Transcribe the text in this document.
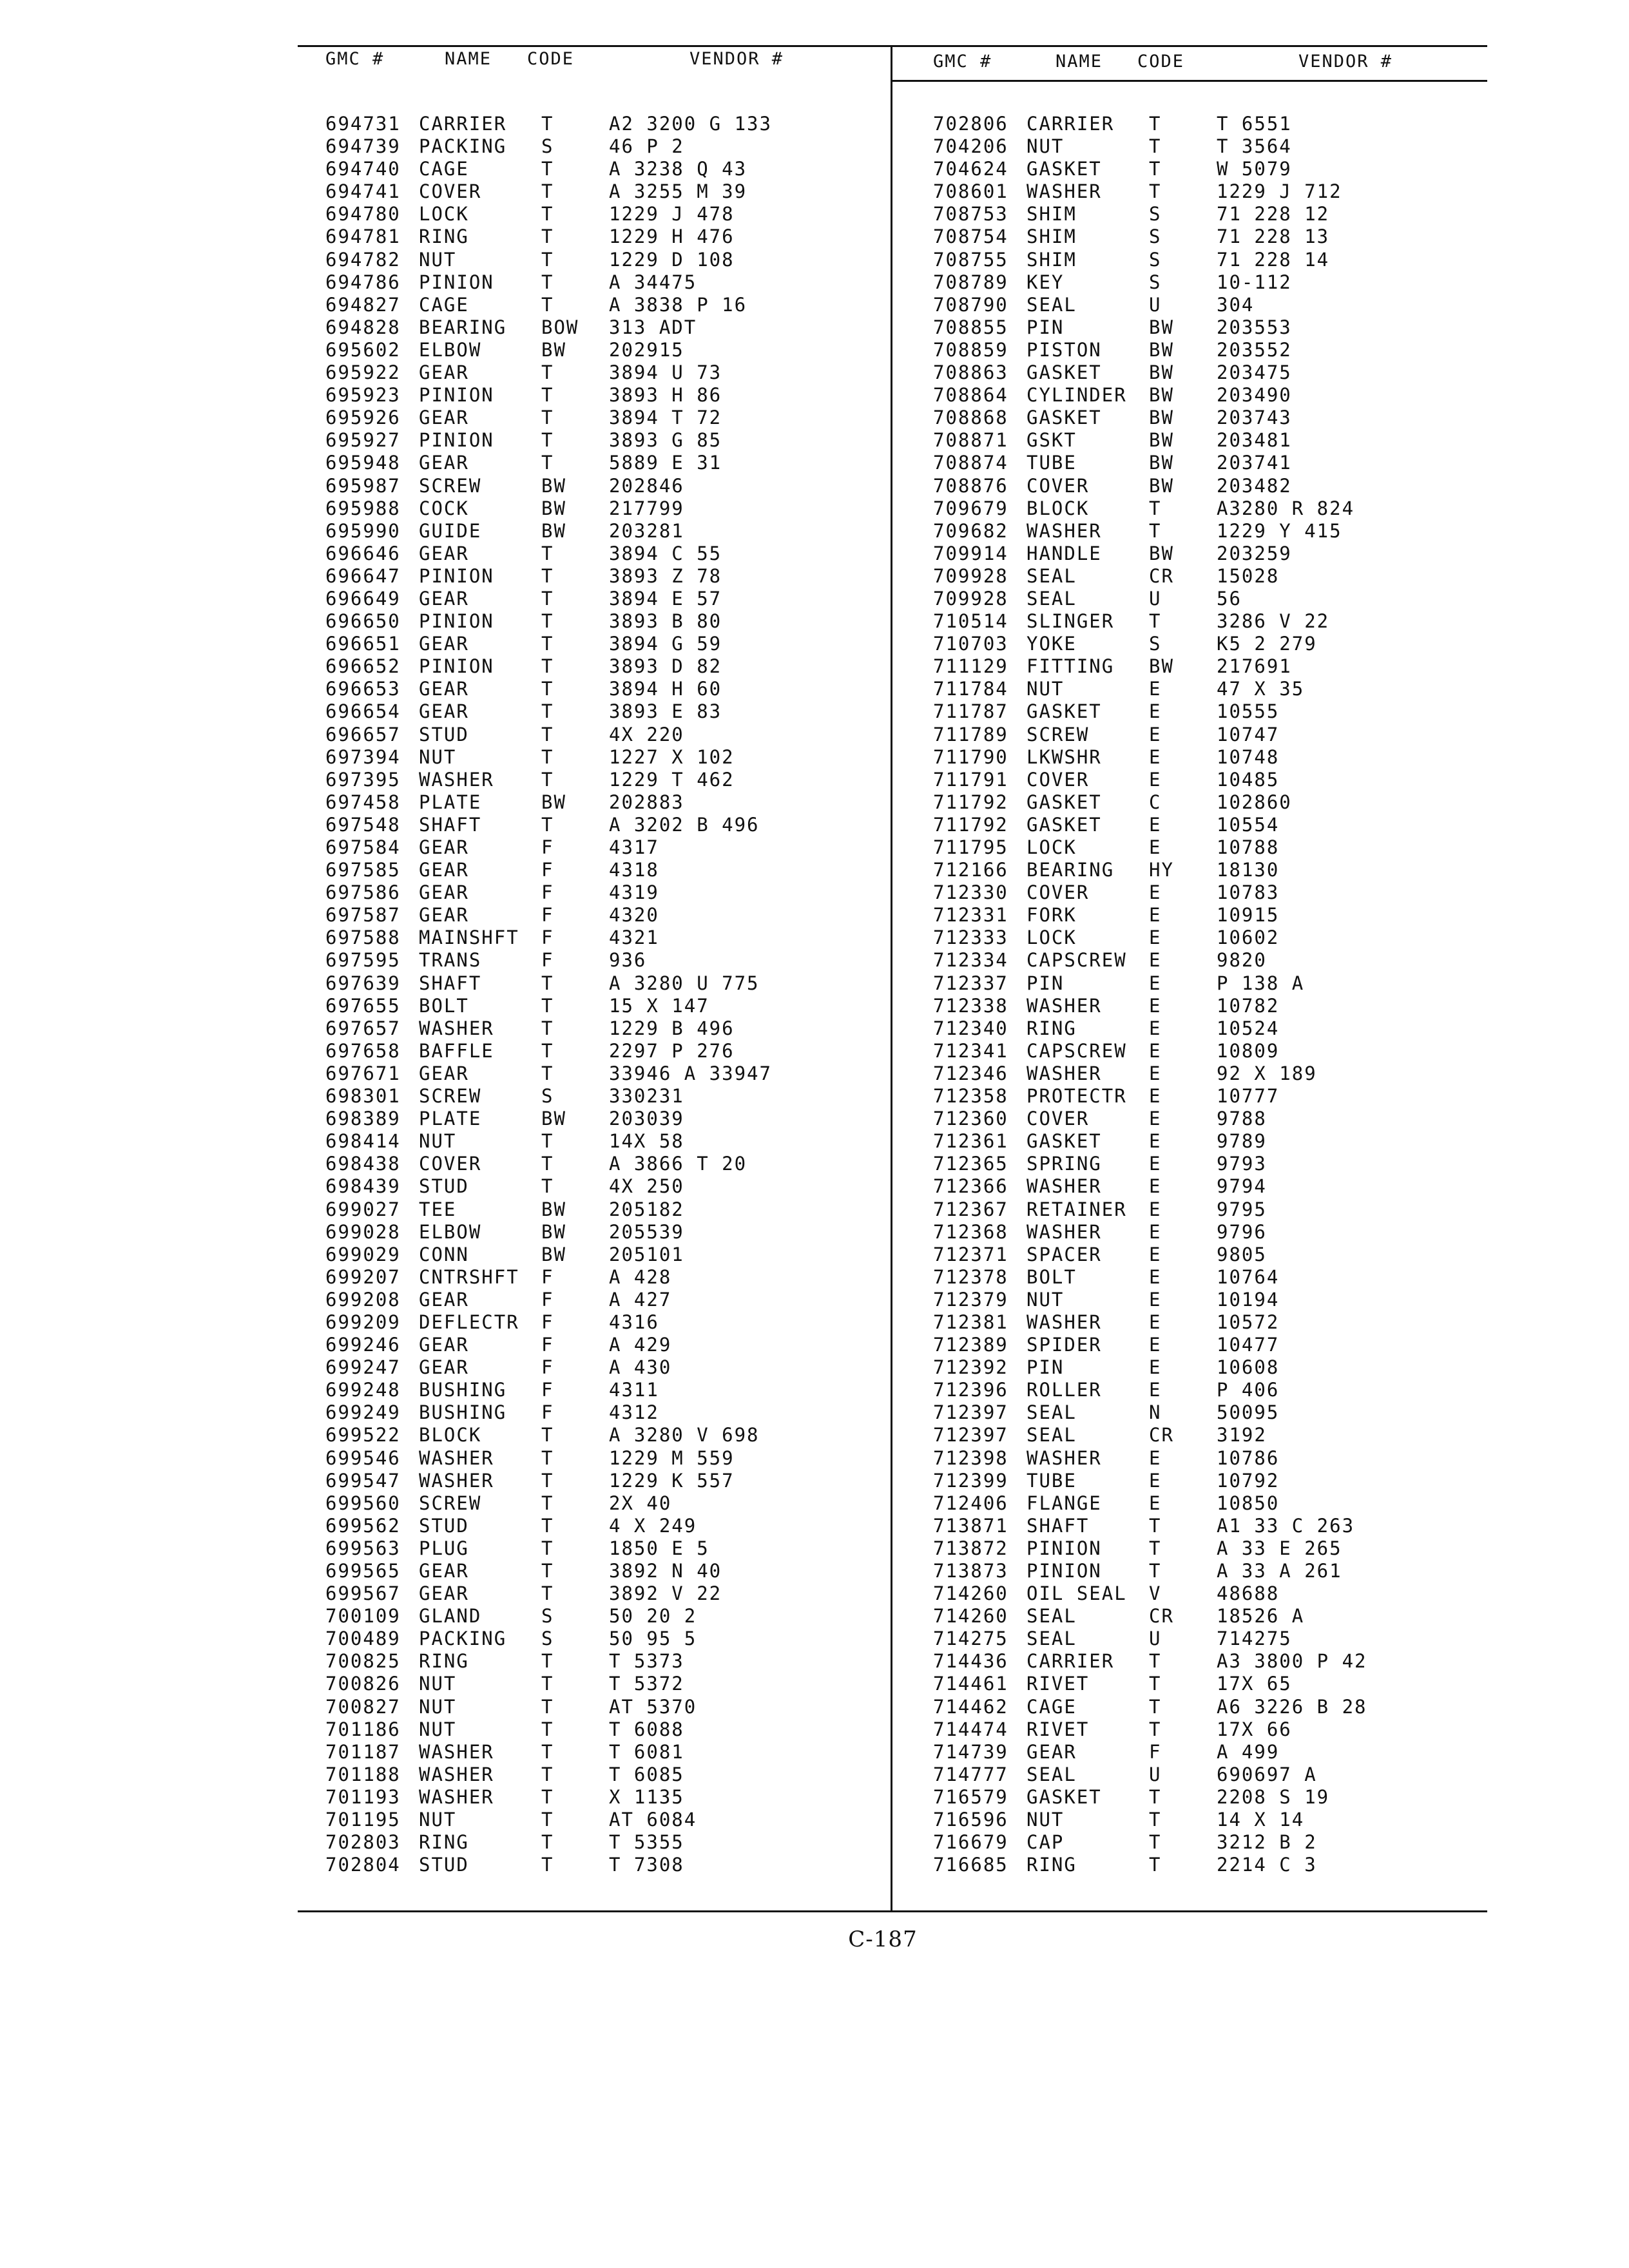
GMC #	NAME CODE	VENDOR #	GMC #	NAME CODE	VENDOR #
694731 CARRIER T	A2 3200 G 133
694739 PACKING S	46 P 2
694740 CAGE	T	A 3238 Q 43
694741 COVER	T	A 3255 M 39
694780 LOCK	T	1229 J 478
694781 RING	T	1229 H 476
694782 NUT	T	1229 D 108
694786 PINION	T	A 34475
694827 CAGE	T	A 3838 P 16
694828 BEARING BOW 313 ADT
695602 ELBOW	BW 202915
695922 GEAR	T	3894 U 73
695923 PINION	T	3893 H 86
695926 GEAR	T	3894 T 72
695927 PINION	T	3893 G 85
695948 GEAR	T	5889 E 31
695987 SCREW	BW 202846
695988 COCK	BW 217799
695990 GUIDE	BW 203281
696646 GEAR	T	3894 C 55
696647 PINION	T	3893 Z 78
696649 GEAR	T	3894 E 57
696650 PINION	T	3893 B 80
696651 GEAR	T	3894 G 59
696652 PINION	T	3893 D 82
696653 GEAR	T	3894 H 60
696654 GEAR	T	3893 E 83
696657 STUD	T	4X 220
697394 NUT	T	1227 X 102
697395 WASHER	T	1229 T 462
697458 PLATE	BW 202883
697548 SHAFT	T	A 3202 B 496
697584 GEAR	F	4317
697585 GEAR	F	4318
697586 GEAR	F	4319
697587 GEAR	F	4320
697588 MAINSHFT F	4321
697595 TRANS	F	936
697639 SHAFT	T	A 3280 U 775
697655 BOLT	T	15 X 147
697657 WASHER	T	1229 B 496
697658 BAFFLE	T	2297 P 276
697671 GEAR	T	33946 A 33947
698301 SCREW	S	330231
698389 PLATE	BW 203039
698414 NUT	T	14X 58
698438 COVER	T	A 3866 T 20
698439 STUD	T	4X 250
699027 TEE	BW 205182
699028 ELBOW	BW 205539
699029 CONN	BW 205101
699207 CNTRSHFT F	A 428
699208 GEAR	F	A 427
699209 DEFLECTR F	4316
699246 GEAR	F	A 429
699247 GEAR	F	A 430
699248 BUSHING F	4311
699249 BUSHING F	4312
699522 BLOCK	T	A 3280 V 698
699546 WASHER	T	1229 M 559
699547 WASHER	T	1229 K 557
699560 SCREW	T	2X 40
699562 STUD	T	4 X 249
699563 PLUG	T	1850 E 5
699565 GEAR	T	3892 N 40
699567 GEAR	T	3892 V 22
700109 GLAND	S	50 20 2
700489 PACKING S	50 95 5
700825 RING	T	T 5373
700826 NUT	T	T 5372
700827 NUT	T	AT 5370
701186 NUT	T	T 6088
701187 WASHER	T	T 6081
701188 WASHER	T	T 6085
701193 WASHER	T	X 1135
701195 NUT	T	AT 6084
702803 RING	T	T 5355
702804 STUD	T	T 7308
702806 CARRIER T	T 6551
704206 NUT	T	T 3564
704624 GASKET	T	W 5079
708601 WASHER	T	1229 J 712
708753 SHIM	S	71 228 12
708754 SHIM	S	71 228 13
708755 SHIM	S	71 228 14
708789 KEY	S	10-112
708790 SEAL	U	304
708855 PIN	BW 203553
708859 PISTON	BW 203552
708863 GASKET	BW 203475
708864 CYLINDER BW 203490
708868 GASKET	BW 203743
708871 GSKT	BW 203481
708874 TUBE	BW 203741
708876 COVER	BW 203482
709679 BLOCK	T	A3280 R 824
709682 WASHER	T	1229 Y 415
709914 HANDLE	BW 203259
709928 SEAL	CR 15028
709928 SEAL	U	56
710514 SLINGER T	3286 V 22
710703 YOKE	S	K5 2 279
711129 FITTING BW 217691
711784 NUT	E	47 X 35
711787 GASKET	E	10555
711789 SCREW	E	10747
711790 LKWSHR	E	10748
711791 COVER	E	10485
711792 GASKET	C	102860
711792 GASKET	E	10554
711795 LOCK	E	10788
712166 BEARING HY 18130
712330 COVER	E	10783
712331 FORK	E	10915
712333 LOCK	E	10602
712334 CAPSCREW E	9820
712337 PIN	E	P 138 A
712338 WASHER	E	10782
712340 RING	E	10524
712341 CAPSCREW E	10809
712346 WASHER	E	92 X 189
712358 PROTECTR E	10777
712360 COVER	E	9788
712361 GASKET	E	9789
712365 SPRING	E	9793
712366 WASHER	E	9794
712367 RETAINER E	9795
712368 WASHER	E	9796
712371 SPACER	E	9805
712378 BOLT	E	10764
712379 NUT	E	10194
712381 WASHER	E	10572
712389 SPIDER	E	10477
712392 PIN	E	10608
712396 ROLLER	E	P 406
712397 SEAL	N	50095
712397 SEAL	CR 3192
712398 WASHER	E	10786
712399 TUBE	E	10792
712406 FLANGE	E	10850
713871 SHAFT	T	A1 33 C 263
713872 PINION	T	A 33 E 265
713873 PINION	T	A 33 A 261
714260 OIL SEAL V	48688
714260 SEAL	CR 18526 A
714275 SEAL	U	714275
714436 CARRIER T	A3 3800 P 42
714461 RIVET	T	17X 65
714462 CAGE	T	A6 3226 B 28
714474 RIVET	T	17X 66
714739 GEAR	F	A 499
714777 SEAL	U	690697 A
716579 GASKET	T	2208 S 19
716596 NUT	T	14 X 14
716679 CAP	T	3212 B 2
716685 RING	T	2214 C 3
C-187
